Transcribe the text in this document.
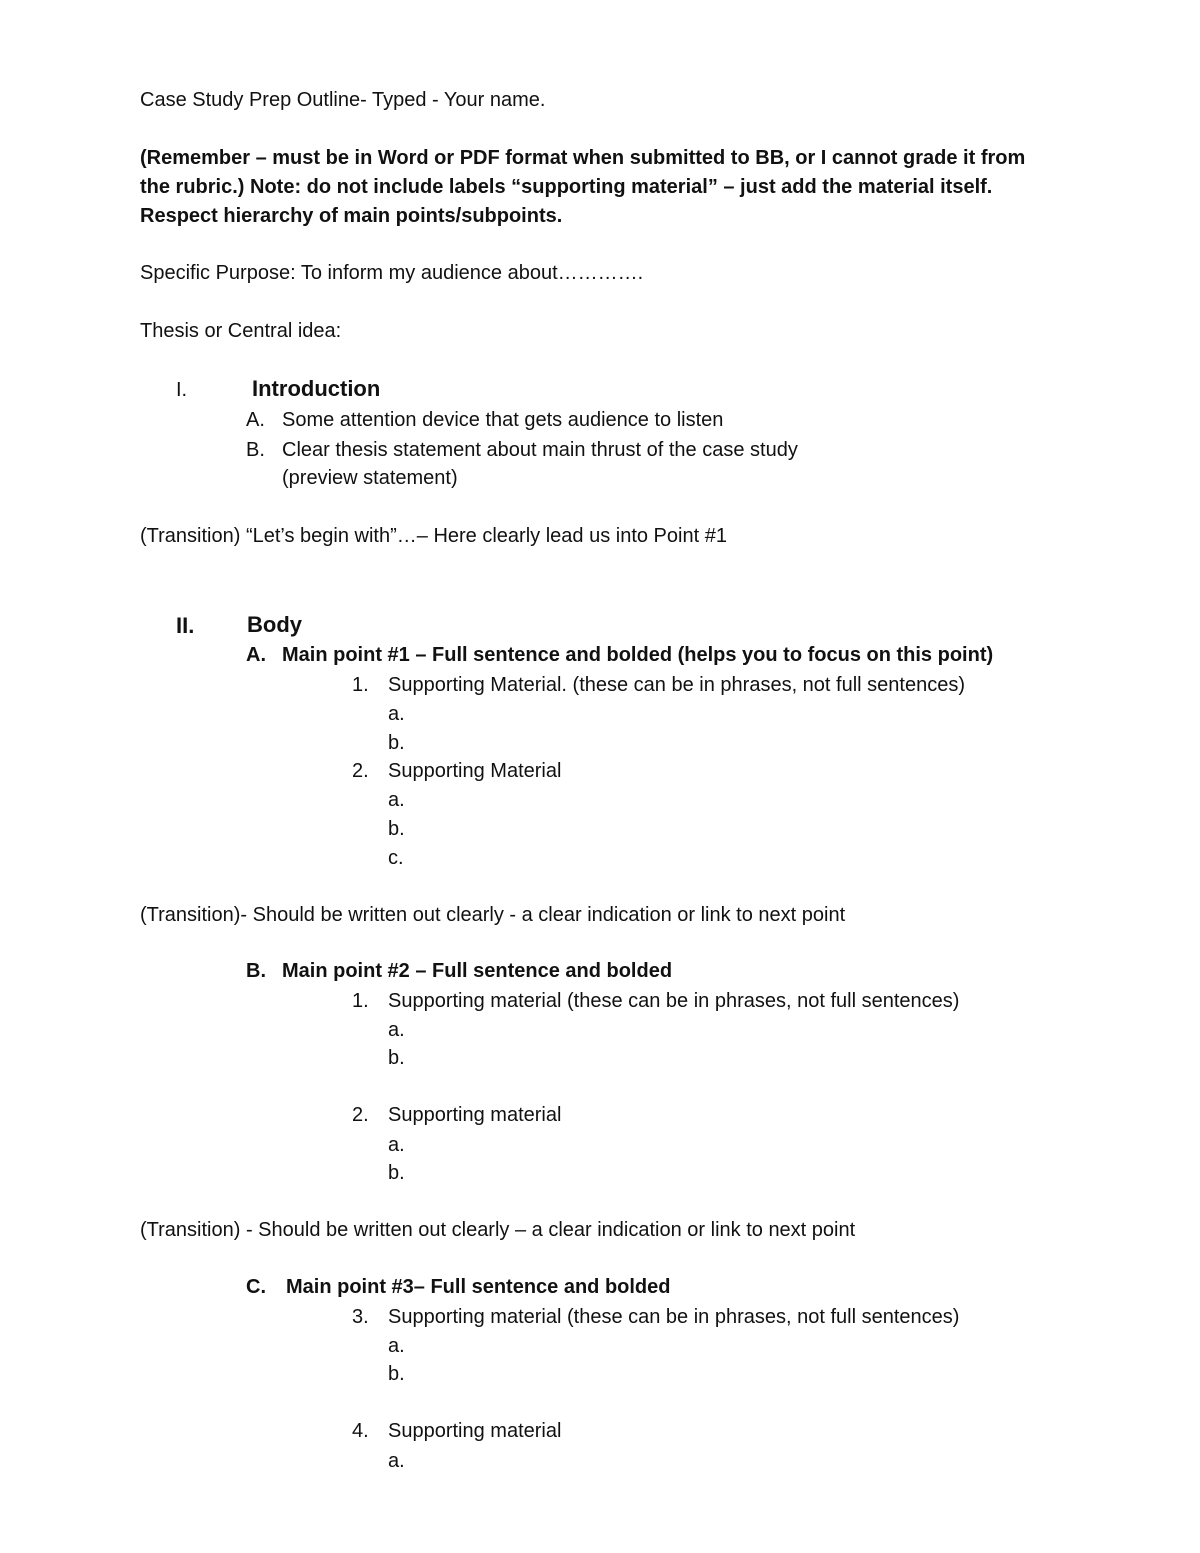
Case Study Prep Outline- Typed - Your name.
(Remember – must be in Word or PDF format when submitted to BB, or I cannot grade it from
the rubric.) Note: do not include labels “supporting material” – just add the material itself.
Respect hierarchy of main points/subpoints.
Specific Purpose: To inform my audience about………….
Thesis or Central idea:
I.	Introduction
A. Some attention device that gets audience to listen
B. Clear thesis statement about main thrust of the case study
(preview statement)
(Transition) “Let’s begin with”…– Here clearly lead us into Point #1
II. Body
A. Main point #1 – Full sentence and bolded (helps you to focus on this point)
1. Supporting Material. (these can be in phrases, not full sentences)
a.
b.
2. Supporting Material
a.
b.
c.
(Transition)- Should be written out clearly - a clear indication or link to next point
B. Main point #2 – Full sentence and bolded
1. Supporting material (these can be in phrases, not full sentences)
a.
b.
2. Supporting material
a.
b.
(Transition) - Should be written out clearly – a clear indication or link to next point
C. Main point #3– Full sentence and bolded
3. Supporting material (these can be in phrases, not full sentences)
a.
b.
4. Supporting material
a.
